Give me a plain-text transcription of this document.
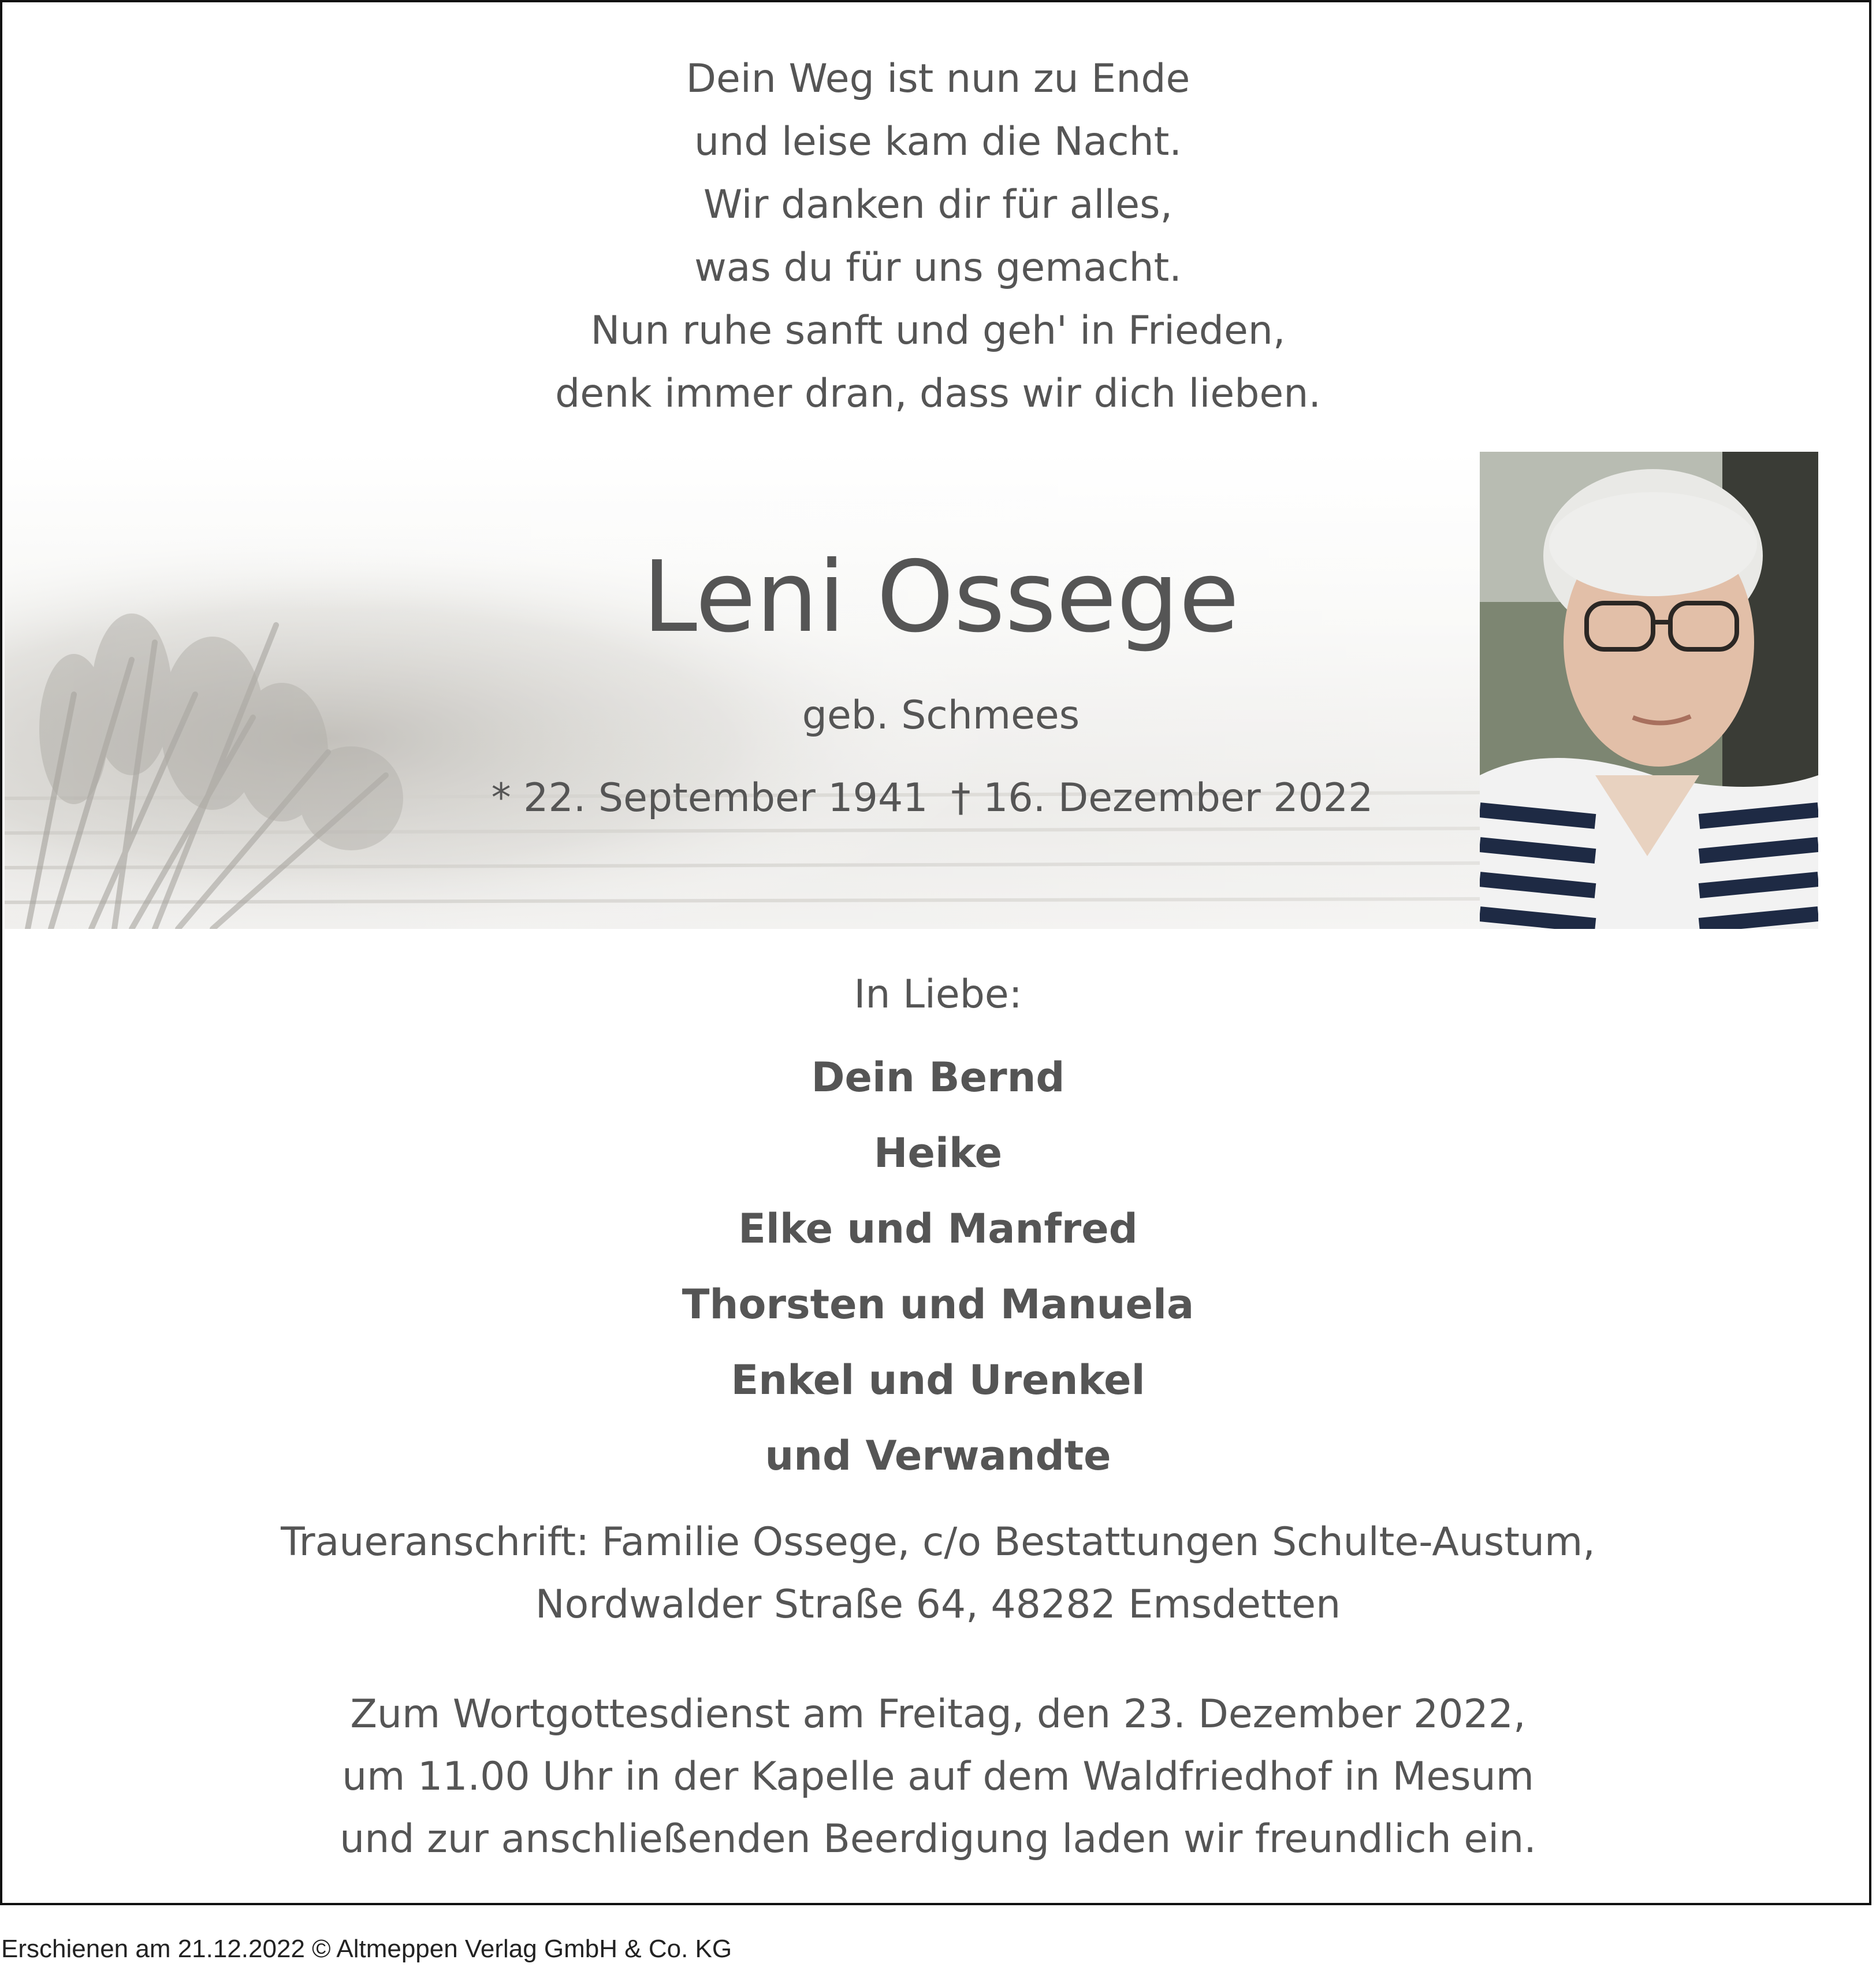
Dein Weg ist nun zu Ende
und leise kam die Nacht.
Wir danken dir für alles,
was du für uns gemacht.
Nun ruhe sanft und geh' in Frieden,
denk immer dran, dass wir dich lieben.
Leni Ossege
geb. Schmees
* 22. September 1941 † 16. Dezember 2022
In Liebe:
Dein Bernd
Heike
Elke und Manfred
Thorsten und Manuela
Enkel und Urenkel
und Verwandte
Traueranschrift: Familie Ossege, c/o Bestattungen Schulte-Austum,
Nordwalder Straße 64, 48282 Emsdetten
Zum Wortgottesdienst am Freitag, den 23. Dezember 2022,
um 11.00 Uhr in der Kapelle auf dem Waldfriedhof in Mesum
und zur anschließenden Beerdigung laden wir freundlich ein.
Erschienen am 21.12.2022 © Altmeppen Verlag GmbH & Co. KG
